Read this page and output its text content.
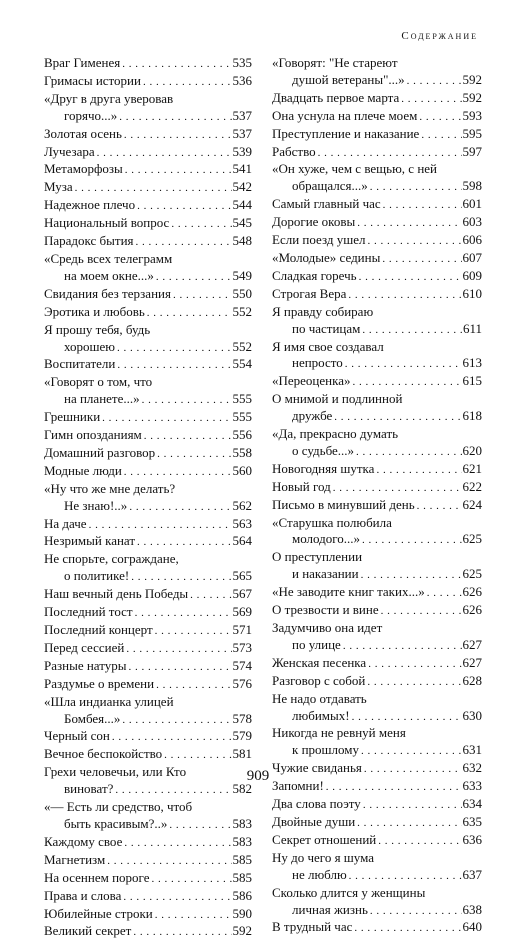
Содержание
Враг Гименея . . .	535
Гримасы истории . . .	536
«Друг в друга уверовав
горячо...» . . .	537
Золотая осень . . .	537
Лучезара . . .	539
Метаморфозы . . .	541
Муза . . .	542
Надежное плечо . . .	544
Национальный вопрос . . .	545
Парадокс бытия . . .	548
«Средь всех телеграмм
на моем окне...» . . .	549
Свидания без терзания . . .	550
Эротика и любовь . . .	552
Я прошу тебя, будь
хорошею . . .	552
Воспитатели . . .	554
«Говорят о том, что
на планете...» . . .	555
Грешники . . .	555
Гимн опозданиям . . .	556
Домашний разговор . . .	558
Модные люди . . .	560
«Ну что же мне делать?
Не знаю!..» . . .	562
На даче . . .	563
Незримый канат . . .	564
Не спорьте, сограждане,
о политике! . . .	565
Наш вечный день Победы . . .	567
Последний тост . . .	569
Последний концерт . . .	571
Перед сессией . . .	573
Разные натуры . . .	574
Раздумье о времени . . .	576
«Шла индианка улицей
Бомбея...» . . .	578
Черный сон . . .	579
Вечное беспокойство . . .	581
Грехи человечьи, или Кто
виноват? . . .	582
«— Есть ли средство, чтоб
быть красивым?..» . . .	583
Каждому свое . . .	583
Магнетизм . . .	585
На осеннем пороге . . .	585
Права и слова . . .	586
Юбилейные строки . . .	590
Великий секрет . . .	592
«Говорят: "Не стареют
душой ветераны"...» . . .	592
Двадцать первое марта . . .	592
Она уснула на плече моем . . .	593
Преступление и наказание . . .	595
Рабство . . .	597
«Он хуже, чем с вещью, с ней
обращался...» . . .	598
Самый главный час . . .	601
Дорогие оковы . . .	603
Если поезд ушел . . .	606
«Молодые» седины . . .	607
Сладкая горечь . . .	609
Строгая Вера . . .	610
Я правду собираю
по частицам . . .	611
Я имя свое создавал
непросто . . .	613
«Переоценка» . . .	615
О мнимой и подлинной
дружбе . . .	618
«Да, прекрасно думать
о судьбе...» . . .	620
Новогодняя шутка . . .	621
Новый год . . .	622
Письмо в минувший день . . .	624
«Старушка полюбила
молодого...» . . .	625
О преступлении
и наказании . . .	625
«Не заводите книг таких...» . . .	626
О трезвости и вине . . .	626
Задумчиво она идет
по улице . . .	627
Женская песенка . . .	627
Разговор с собой . . .	628
Не надо отдавать
любимых! . . .	630
Никогда не ревнуй меня
к прошлому . . .	631
Чужие свиданья . . .	632
Запомни! . . .	633
Два слова поэту . . .	634
Двойные души . . .	635
Секрет отношений . . .	636
Ну до чего я шума
не люблю . . .	637
Сколько длится у женщины
личная жизнь . . .	638
В трудный час . . .	640
909
